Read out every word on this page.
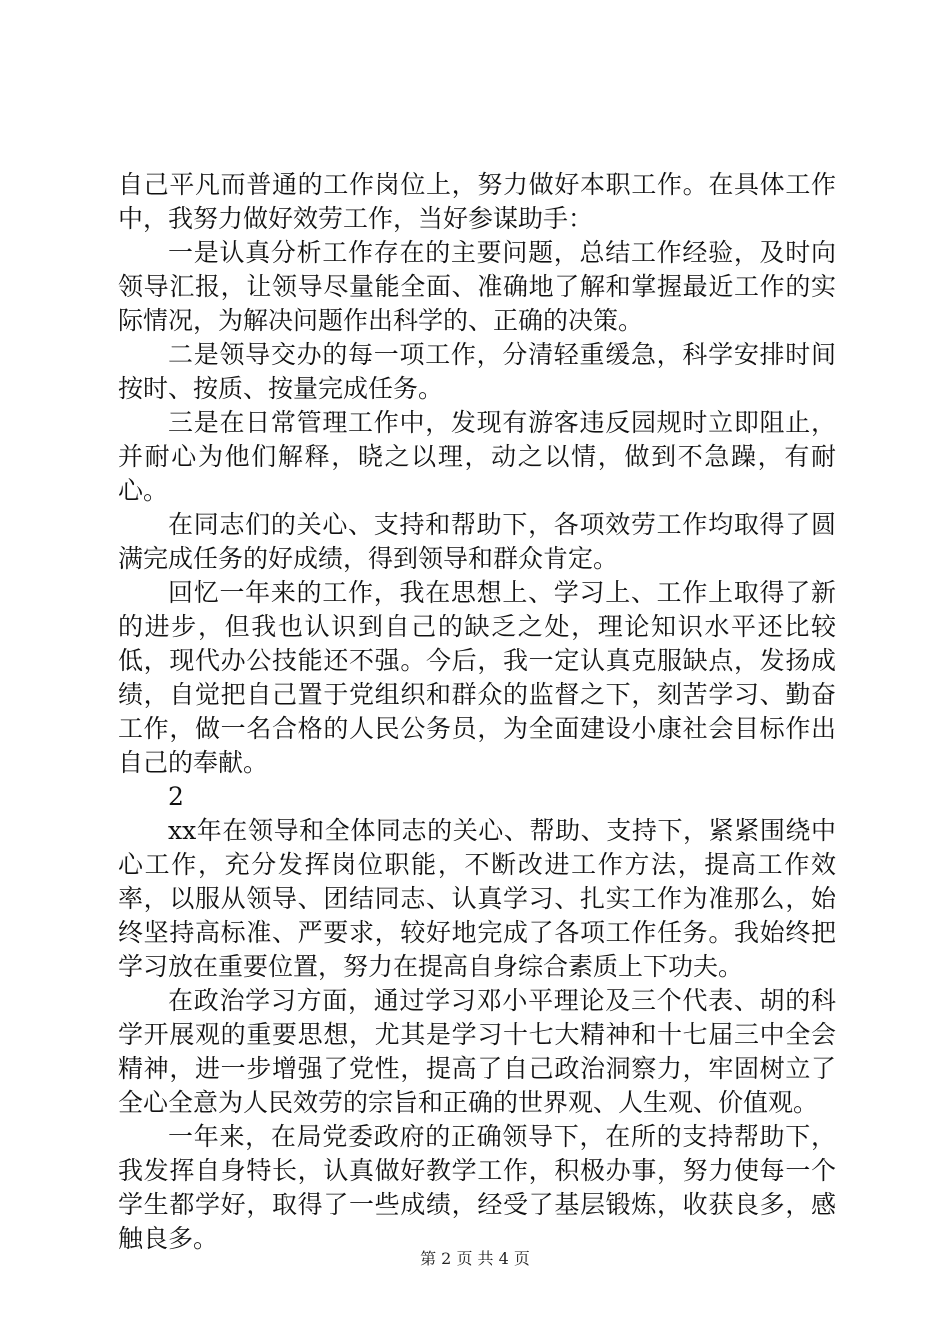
自己平凡而普通的工作岗位上，努力做好本职工作。在具体工作中，我努力做好效劳工作，当好参谋助手：

一是认真分析工作存在的主要问题，总结工作经验，及时向领导汇报，让领导尽量能全面、准确地了解和掌握最近工作的实际情况，为解决问题作出科学的、正确的决策。

二是领导交办的每一项工作，分清轻重缓急，科学安排时间按时、按质、按量完成任务。

三是在日常管理工作中，发现有游客违反园规时立即阻止，并耐心为他们解释，晓之以理，动之以情，做到不急躁，有耐心。

在同志们的关心、支持和帮助下，各项效劳工作均取得了圆满完成任务的好成绩，得到领导和群众肯定。

回忆一年来的工作，我在思想上、学习上、工作上取得了新的进步，但我也认识到自己的缺乏之处，理论知识水平还比较低，现代办公技能还不强。今后，我一定认真克服缺点，发扬成绩，自觉把自己置于党组织和群众的监督之下，刻苦学习、勤奋工作，做一名合格的人民公务员，为全面建设小康社会目标作出自己的奉献。

2

xx年在领导和全体同志的关心、帮助、支持下，紧紧围绕中心工作，充分发挥岗位职能，不断改进工作方法，提高工作效率，以服从领导、团结同志、认真学习、扎实工作为准那么，始终坚持高标准、严要求，较好地完成了各项工作任务。我始终把学习放在重要位置，努力在提高自身综合素质上下功夫。

在政治学习方面，通过学习邓小平理论及三个代表、胡的科学开展观的重要思想，尤其是学习十七大精神和十七届三中全会精神，进一步增强了党性，提高了自己政治洞察力，牢固树立了全心全意为人民效劳的宗旨和正确的世界观、人生观、价值观。

一年来，在局党委政府的正确领导下，在所的支持帮助下，我发挥自身特长，认真做好教学工作，积极办事，努力使每一个学生都学好，取得了一些成绩，经受了基层锻炼，收获良多，感触良多。

第 2 页 共 4 页
